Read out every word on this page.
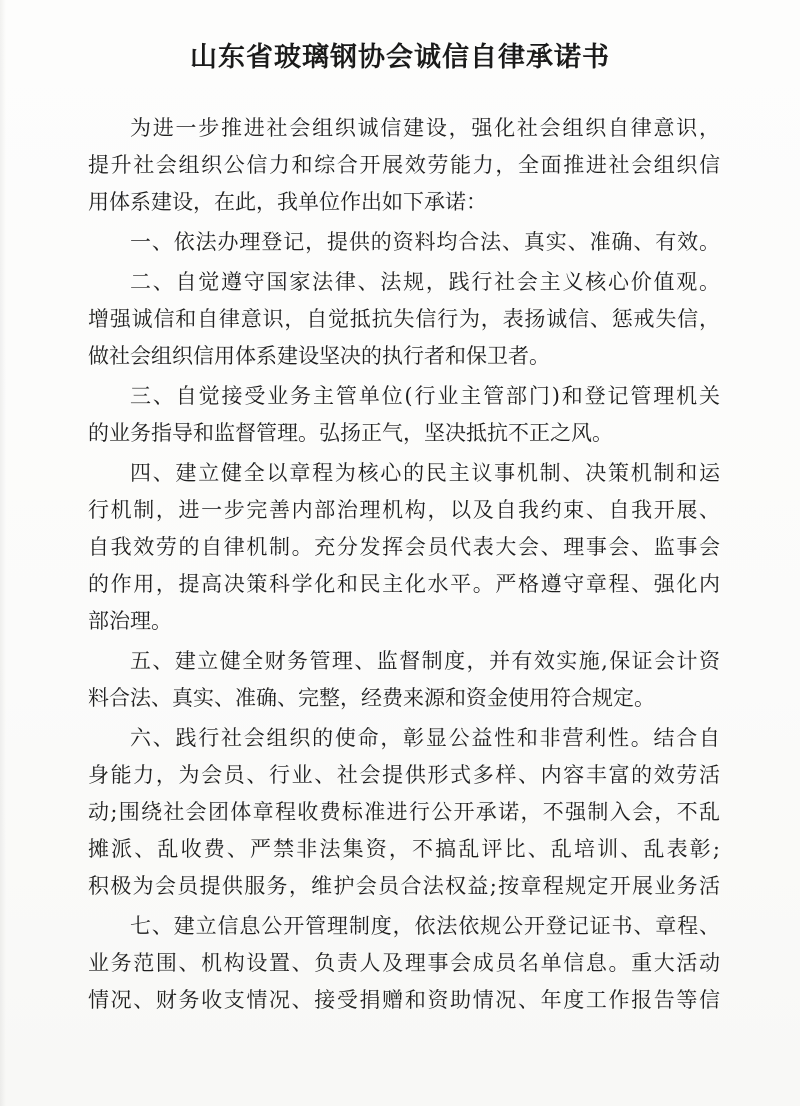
山东省玻璃钢协会诚信自律承诺书
为进一步推进社会组织诚信建设，强化社会组织自律意识，
提升社会组织公信力和综合开展效劳能力，全面推进社会组织信
用体系建设，在此，我单位作出如下承诺：
一、依法办理登记，提供的资料均合法、真实、准确、有效。
二、自觉遵守国家法律、法规，践行社会主义核心价值观。
增强诚信和自律意识，自觉抵抗失信行为，表扬诚信、惩戒失信，
做社会组织信用体系建设坚决的执行者和保卫者。
三、自觉接受业务主管单位(行业主管部门)和登记管理机关
的业务指导和监督管理。弘扬正气，坚决抵抗不正之风。
四、建立健全以章程为核心的民主议事机制、决策机制和运
行机制，进一步完善内部治理机构，以及自我约束、自我开展、
自我效劳的自律机制。充分发挥会员代表大会、理事会、监事会
的作用，提高决策科学化和民主化水平。严格遵守章程、强化内
部治理。
五、建立健全财务管理、监督制度，并有效实施,保证会计资
料合法、真实、准确、完整，经费来源和资金使用符合规定。
六、践行社会组织的使命，彰显公益性和非营利性。结合自
身能力，为会员、行业、社会提供形式多样、内容丰富的效劳活
动;围绕社会团体章程收费标准进行公开承诺，不强制入会，不乱
摊派、乱收费、严禁非法集资，不搞乱评比、乱培训、乱表彰;
积极为会员提供服务，维护会员合法权益;按章程规定开展业务活
七、建立信息公开管理制度，依法依规公开登记证书、章程、
业务范围、机构设置、负责人及理事会成员名单信息。重大活动
情况、财务收支情况、接受捐赠和资助情况、年度工作报告等信
